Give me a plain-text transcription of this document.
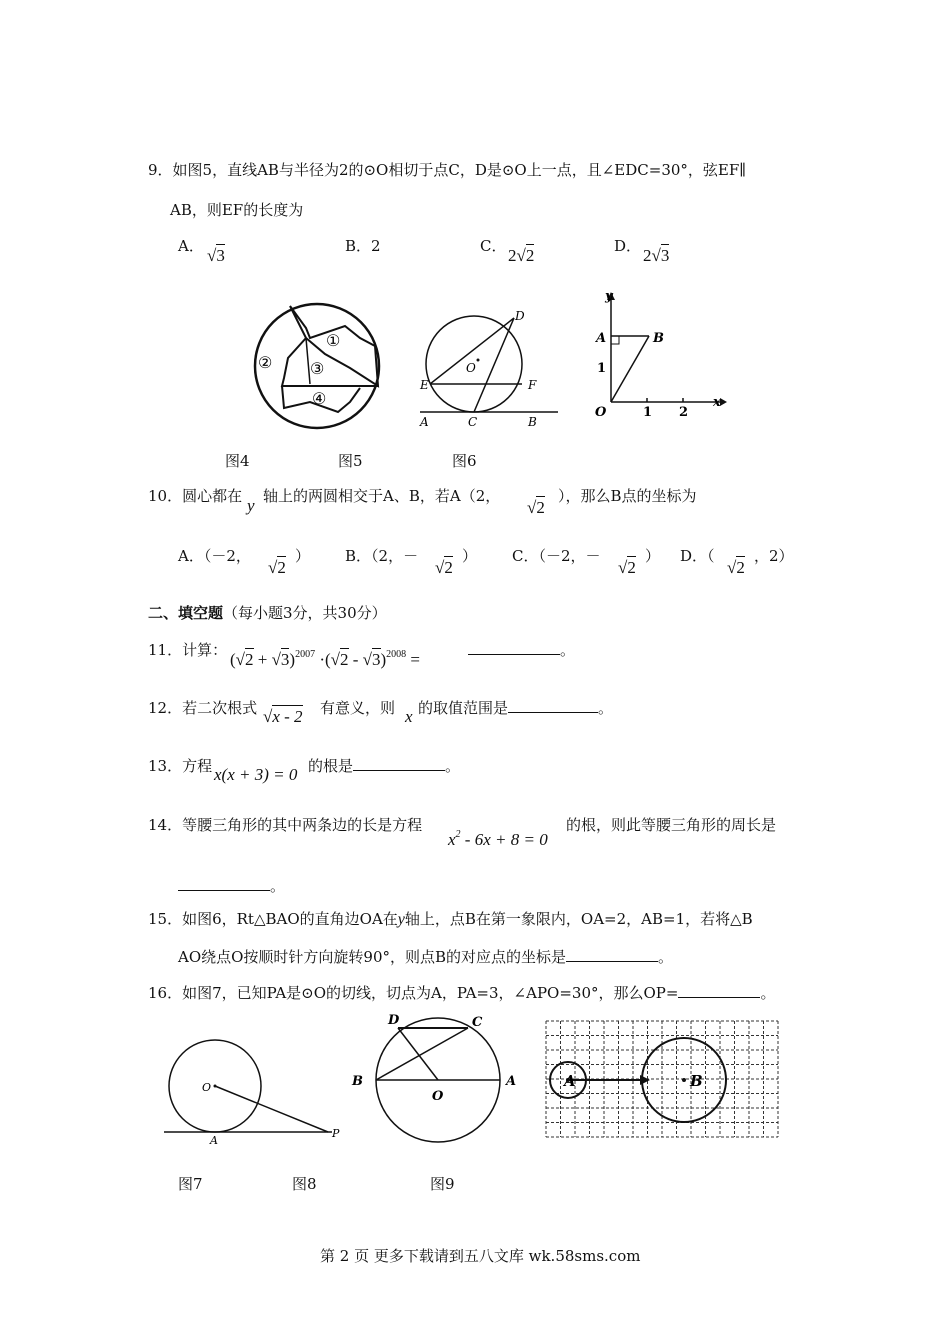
9．如图5，直线AB与半径为2的⊙O相切于点C，D是⊙O上一点，且∠EDC=30°，弦EF∥
AB，则EF的长度为
A． √3	B．2	C． 2√2	D． 2√3
①
② ③
④
D
O
E	F
A	C	B
y
A	B
1
O	1 2
x
图4	图5	图6
10．圆心都在 y 轴上的两圆相交于A、B，若A（2，
√2
），那么B点的坐标为
A．（－2，
√2
） B．（2，－
√2
） C．（－2，－
√2
） D．（
√2
，2）
二、填空题（每小题3分，共30分）
11．计算： $(√2 + √3)^{2007} \cdot(√2 - √3)^{2008}$ =	。
12．若二次根式 √x - 2 有意义，则 x 的取值范围是	。
13．方程 x(x + 3) = 0 的根是	。
14．等腰三角形的其中两条边的长是方程
$x^2 - 6x + 8 = 0$
的根，则此等腰三角形的周长是
。
15．如图6，Rt△BAO的直角边OA在y轴上，点B在第一象限内，OA=2，AB=1，若将△B
AO绕点O按顺时针方向旋转90°，则点B的对应点的坐标是	。
16．如图7，已知PA是⊙O的切线，切点为A，PA=3，∠APO=30°，那么OP=	。
O
A
P
D	C
B	A
O
A	B
图7	图8	图9
第 2 页 更多下载请到五八文库 wk.58sms.com
